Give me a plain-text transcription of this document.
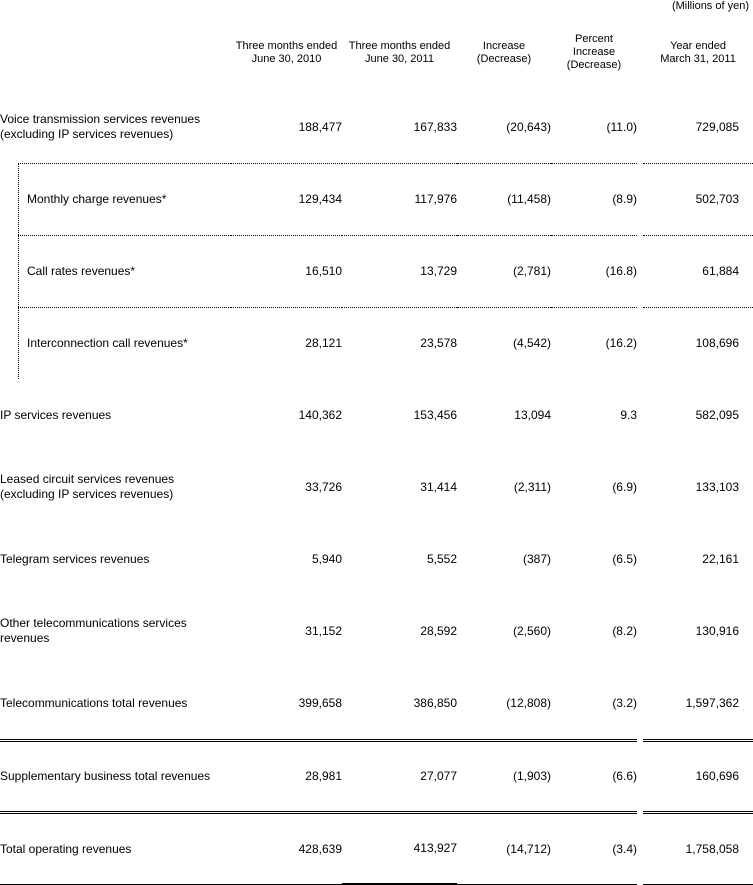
(Millions of yen)

Three months ended
June 30, 2010

Three months ended
June 30, 2011

Increase
(Decrease)

Percent
Increase
(Decrease)

Year ended
March 31, 2011

Voice transmission services revenues
(excluding IP services revenues)	188,477	167,833	(20,643)	(11.0)		729,085

Monthly charge revenues*	129,434	117,976	(11,458)	(8.9)		502,703

Call rates revenues*	16,510	13,729	(2,781)	(16.8)		61,884

Interconnection call revenues*	28,121	23,578	(4,542)	(16.2)		108,696

IP services revenues	140,362	153,456	13,094	9.3		582,095

Leased circuit services revenues
(excluding IP services revenues)	33,726	31,414	(2,311)	(6.9)		133,103

Telegram services revenues	5,940	5,552	(387)	(6.5)		22,161

Other telecommunications services
revenues	31,152	28,592	(2,560)	(8.2)		130,916

Telecommunications total revenues	399,658	386,850	(12,808)	(3.2)		1,597,362

Supplementary business total revenues	28,981	27,077	(1,903)	(6.6)		160,696

Total operating revenues	428,639	413,927	(14,712)	(3.4)		1,758,058
